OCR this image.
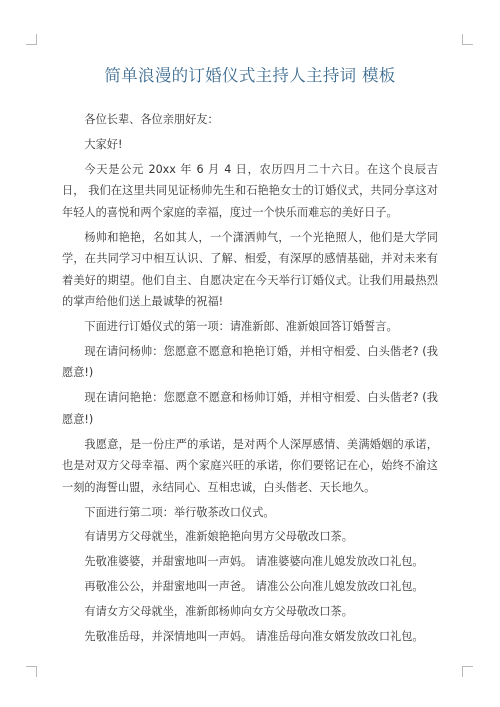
简单浪漫的订婚仪式主持人主持词 模板

各位长辈、各位亲朋好友：

大家好!

今天是公元 20xx 年 6 月 4 日，农历四月二十六日。在这个良辰吉日， 我们在这里共同见证杨帅先生和石艳艳女士的订婚仪式，共同分享这对年轻人的喜悦和两个家庭的幸福，度过一个快乐而难忘的美好日子。

杨帅和艳艳，名如其人，一个潇洒帅气，一个光艳照人，他们是大学同学，在共同学习中相互认识、了解、相爱，有深厚的感情基础，并对未来有着美好的期望。他们自主、自愿决定在今天举行订婚仪式。让我们用最热烈的掌声给他们送上最诚挚的祝福!

下面进行订婚仪式的第一项：请准新郎、准新娘回答订婚誓言。

现在请问杨帅：您愿意不愿意和艳艳订婚，并相守相爱、白头偕老? (我愿意!)

现在请问艳艳：您愿意不愿意和杨帅订婚，并相守相爱、白头偕老? (我愿意!)

我愿意，是一份庄严的承诺，是对两个人深厚感情、美满婚姻的承诺，也是对双方父母幸福、两个家庭兴旺的承诺，你们要铭记在心，始终不渝这一刻的海誓山盟，永结同心、互相忠诚，白头偕老、天长地久。

下面进行第二项：举行敬茶改口仪式。

有请男方父母就坐，准新娘艳艳向男方父母敬改口茶。

先敬准婆婆，并甜蜜地叫一声妈。 请准婆婆向准儿媳发放改口礼包。

再敬准公公，并甜蜜地叫一声爸。 请准公公向准儿媳发放改口礼包。

有请女方父母就坐，准新郎杨帅向女方父母敬改口茶。

先敬准岳母，并深情地叫一声妈。 请准岳母向准女婿发放改口礼包。
